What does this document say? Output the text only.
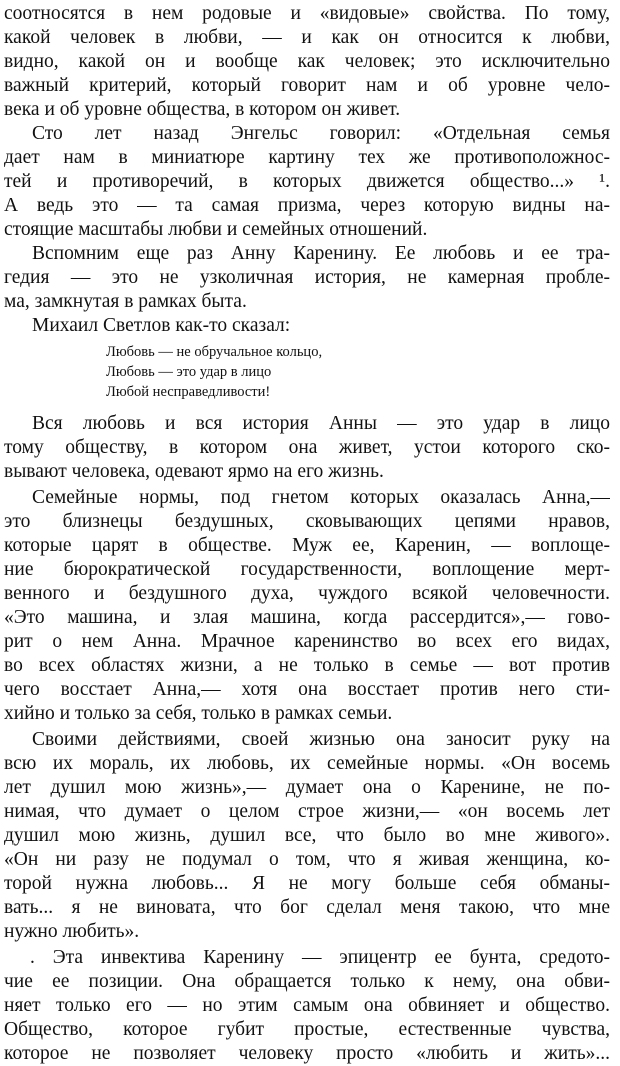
соотносятся в нем родовые и «видовые» свойства. По тому,
какой человек в любви, — и как он относится к любви,
видно, какой он и вообще как человек; это исключительно
важный критерий, который говорит нам и об уровне чело-
века и об уровне общества, в котором он живет.
Сто лет назад Энгельс говорил: «Отдельная семья
дает нам в миниатюре картину тех же противоположнос-
тей и противоречий, в которых движется общество...» ¹.
А ведь это — та самая призма, через которую видны на-
стоящие масштабы любви и семейных отношений.
Вспомним еще раз Анну Каренину. Ее любовь и ее тра-
гедия — это не узколичная история, не камерная пробле-
ма, замкнутая в рамках быта.
Михаил Светлов как-то сказал:
Любовь — не обручальное кольцо,
Любовь — это удар в лицо
Любой несправедливости!
Вся любовь и вся история Анны — это удар в лицо
тому обществу, в котором она живет, устои которого ско-
вывают человека, одевают ярмо на его жизнь.
Семейные нормы, под гнетом которых оказалась Анна,—
это близнецы бездушных, сковывающих цепями нравов,
которые царят в обществе. Муж ее, Каренин, — воплоще-
ние бюрократической государственности, воплощение мерт-
венного и бездушного духа, чуждого всякой человечности.
«Это машина, и злая машина, когда рассердится»,— гово-
рит о нем Анна. Мрачное каренинство во всех его видах,
во всех областях жизни, а не только в семье — вот против
чего восстает Анна,— хотя она восстает против него сти-
хийно и только за себя, только в рамках семьи.
Своими действиями, своей жизнью она заносит руку на
всю их мораль, их любовь, их семейные нормы. «Он восемь
лет душил мою жизнь»,— думает она о Каренине, не по-
нимая, что думает о целом строе жизни,— «он восемь лет
душил мою жизнь, душил все, что было во мне живого».
«Он ни разу не подумал о том, что я живая женщина, ко-
торой нужна любовь... Я не могу больше себя обманы-
вать... я не виновата, что бог сделал меня такою, что мне
нужно любить».
. Эта инвектива Каренину — эпицентр ее бунта, средото-
чие ее позиции. Она обращается только к нему, она обви-
няет только его — но этим самым она обвиняет и общество.
Общество, которое губит простые, естественные чувства,
которое не позволяет человеку просто «любить и жить»...
